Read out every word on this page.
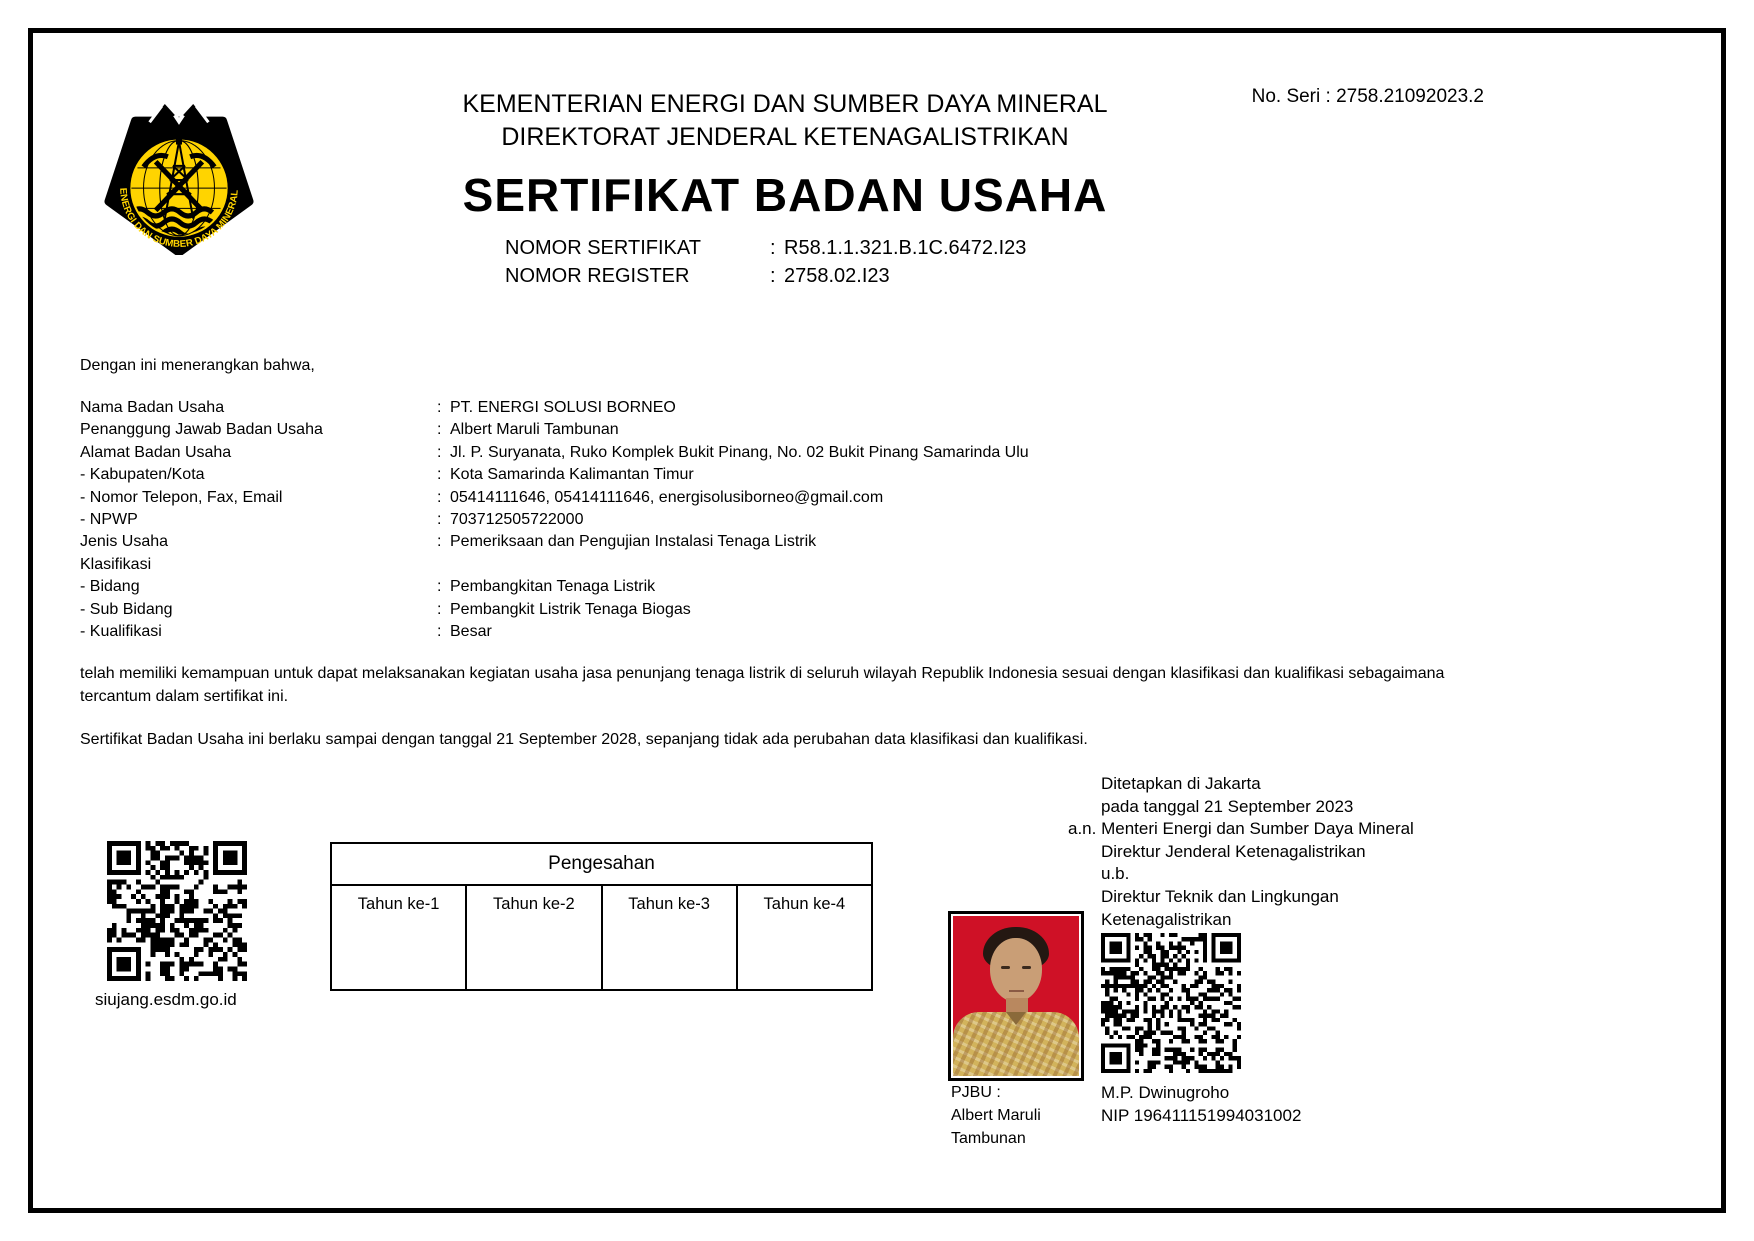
No. Seri : 2758.21092023.2
ENERGI DAN SUMBER DAYA MINERAL
KEMENTERIAN ENERGI DAN SUMBER DAYA MINERAL
DIREKTORAT JENDERAL KETENAGALISTRIKAN
SERTIFIKAT BADAN USAHA
NOMOR SERTIFIKAT	: R58.1.1.321.B.1C.6472.I23
NOMOR REGISTER	: 2758.02.I23
Dengan ini menerangkan bahwa,
Nama Badan Usaha	: PT. ENERGI SOLUSI BORNEO
Penanggung Jawab Badan Usaha	: Albert Maruli Tambunan
Alamat Badan Usaha	: Jl. P. Suryanata, Ruko Komplek Bukit Pinang, No. 02 Bukit Pinang Samarinda Ulu
- Kabupaten/Kota	: Kota Samarinda Kalimantan Timur
- Nomor Telepon, Fax, Email	: 05414111646, 05414111646, energisolusiborneo@gmail.com
- NPWP	: 703712505722000
Jenis Usaha	: Pemeriksaan dan Pengujian Instalasi Tenaga Listrik
Klasifikasi
- Bidang	: Pembangkitan Tenaga Listrik
- Sub Bidang	: Pembangkit Listrik Tenaga Biogas
- Kualifikasi	: Besar
telah memiliki kemampuan untuk dapat melaksanakan kegiatan usaha jasa penunjang tenaga listrik di seluruh wilayah Republik Indonesia sesuai dengan klasifikasi dan kualifikasi sebagaimana tercantum dalam sertifikat ini.
Sertifikat Badan Usaha ini berlaku sampai dengan tanggal 21 September 2028, sepanjang tidak ada perubahan data klasifikasi dan kualifikasi.
siujang.esdm.go.id
Pengesahan
Tahun ke-1	Tahun ke-2	Tahun ke-3	Tahun ke-4
PJBU :
Albert Maruli
Tambunan
Ditetapkan di Jakarta
pada tanggal 21 September 2023
a.n. Menteri Energi dan Sumber Daya Mineral
Direktur Jenderal Ketenagalistrikan
u.b.
Direktur Teknik dan Lingkungan
Ketenagalistrikan
M.P. Dwinugroho
NIP 196411151994031002
